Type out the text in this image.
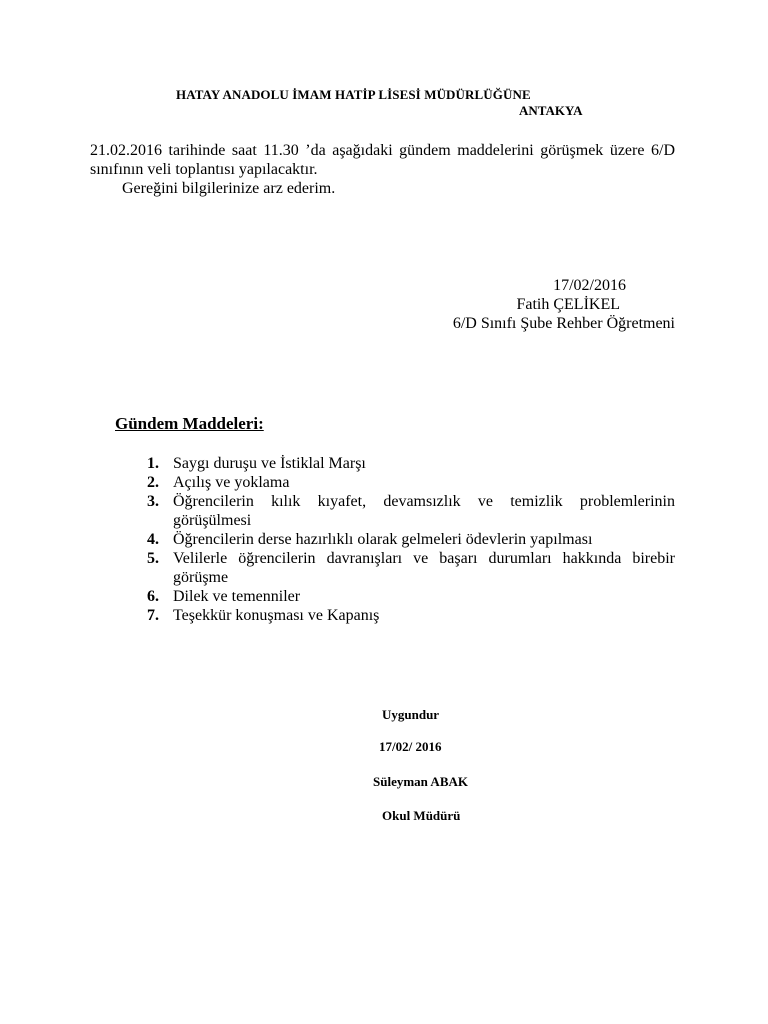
HATAY ANADOLU İMAM HATİP LİSESİ MÜDÜRLÜĞÜNE
ANTAKYA
21.02.2016 tarihinde saat 11.30 ’da aşağıdaki gündem maddelerini görüşmek üzere 6/D sınıfının veli toplantısı yapılacaktır.
Gereğini bilgilerinize arz ederim.
17/02/2016
Fatih ÇELİKEL
6/D Sınıfı Şube Rehber Öğretmeni
Gündem Maddeleri:
1. Saygı duruşu ve İstiklal Marşı
2. Açılış ve yoklama
3. Öğrencilerin kılık kıyafet, devamsızlık ve temizlik problemlerinin görüşülmesi
4. Öğrencilerin derse hazırlıklı olarak gelmeleri ödevlerin yapılması
5. Velilerle öğrencilerin davranışları ve başarı durumları hakkında birebir görüşme
6. Dilek ve temenniler
7. Teşekkür konuşması ve Kapanış
Uygundur
17/02/ 2016
Süleyman ABAK
Okul Müdürü
